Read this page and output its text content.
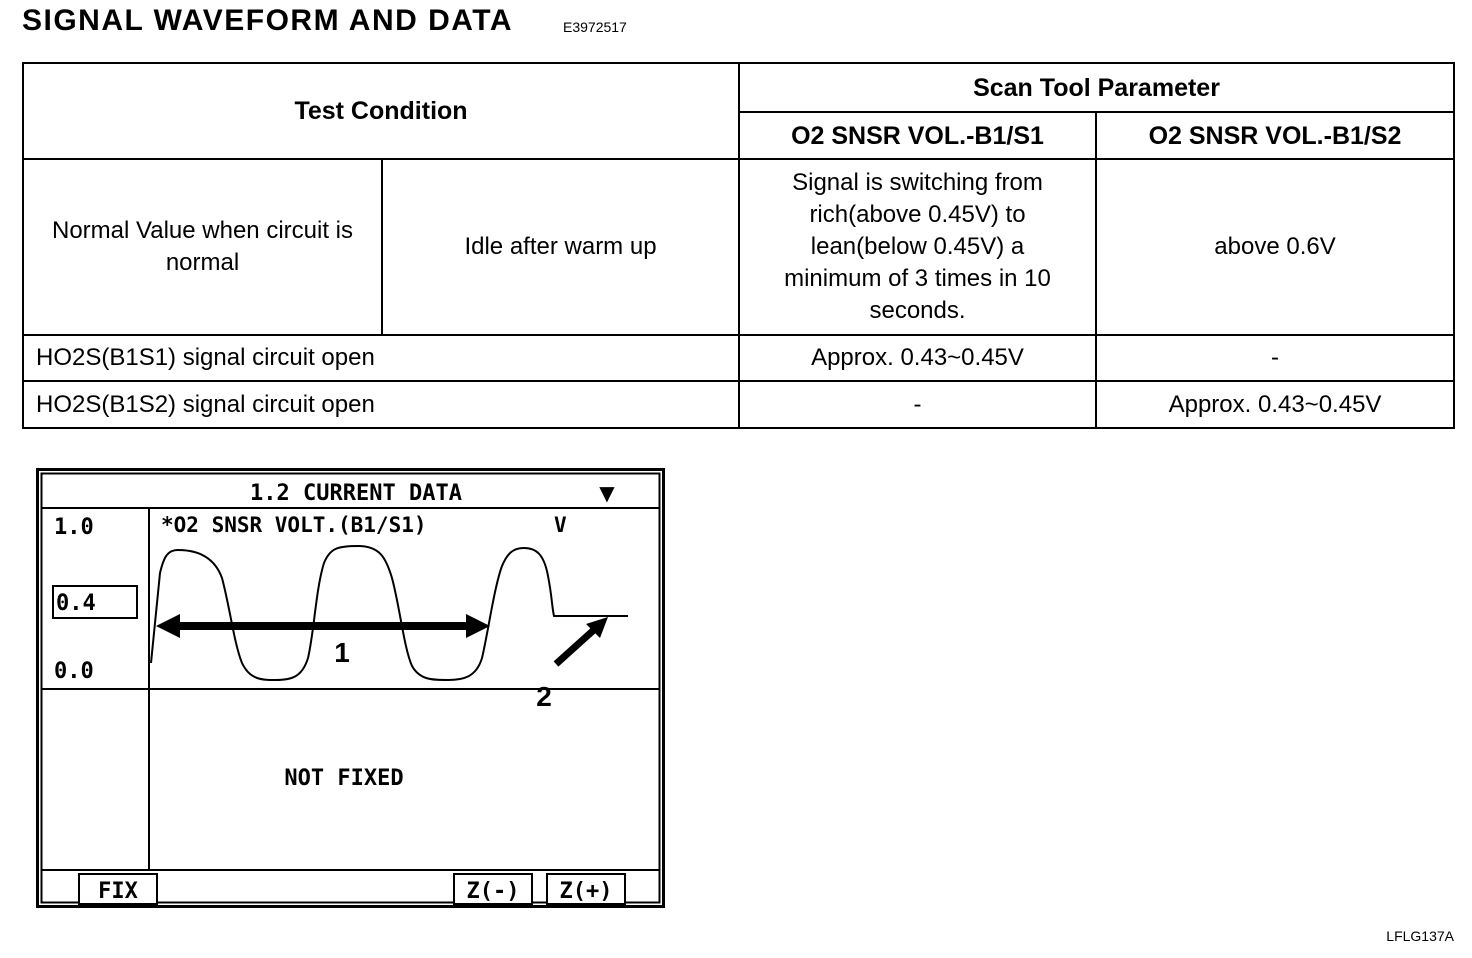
SIGNAL WAVEFORM AND DATA	E3972517
Test Condition		Scan Tool Parameter	
		O2 SNSR VOL.-B1/S1	O2 SNSR VOL.-B1/S2
Normal Value when circuit is normal	Idle after warm up	Signal is switching from rich(above 0.45V) to lean(below 0.45V) a minimum of 3 times in 10 seconds.	above 0.6V
HO2S(B1S1) signal circuit open		Approx. 0.43~0.45V	-
HO2S(B1S2) signal circuit open		-	Approx. 0.43~0.45V
1.2 CURRENT DATA	▼
1.0
0.4
0.0
*O2 SNSR VOLT.(B1/S1)	V
1
2
NOT FIXED
FIX	Z(-) Z(+)
LFLG137A
